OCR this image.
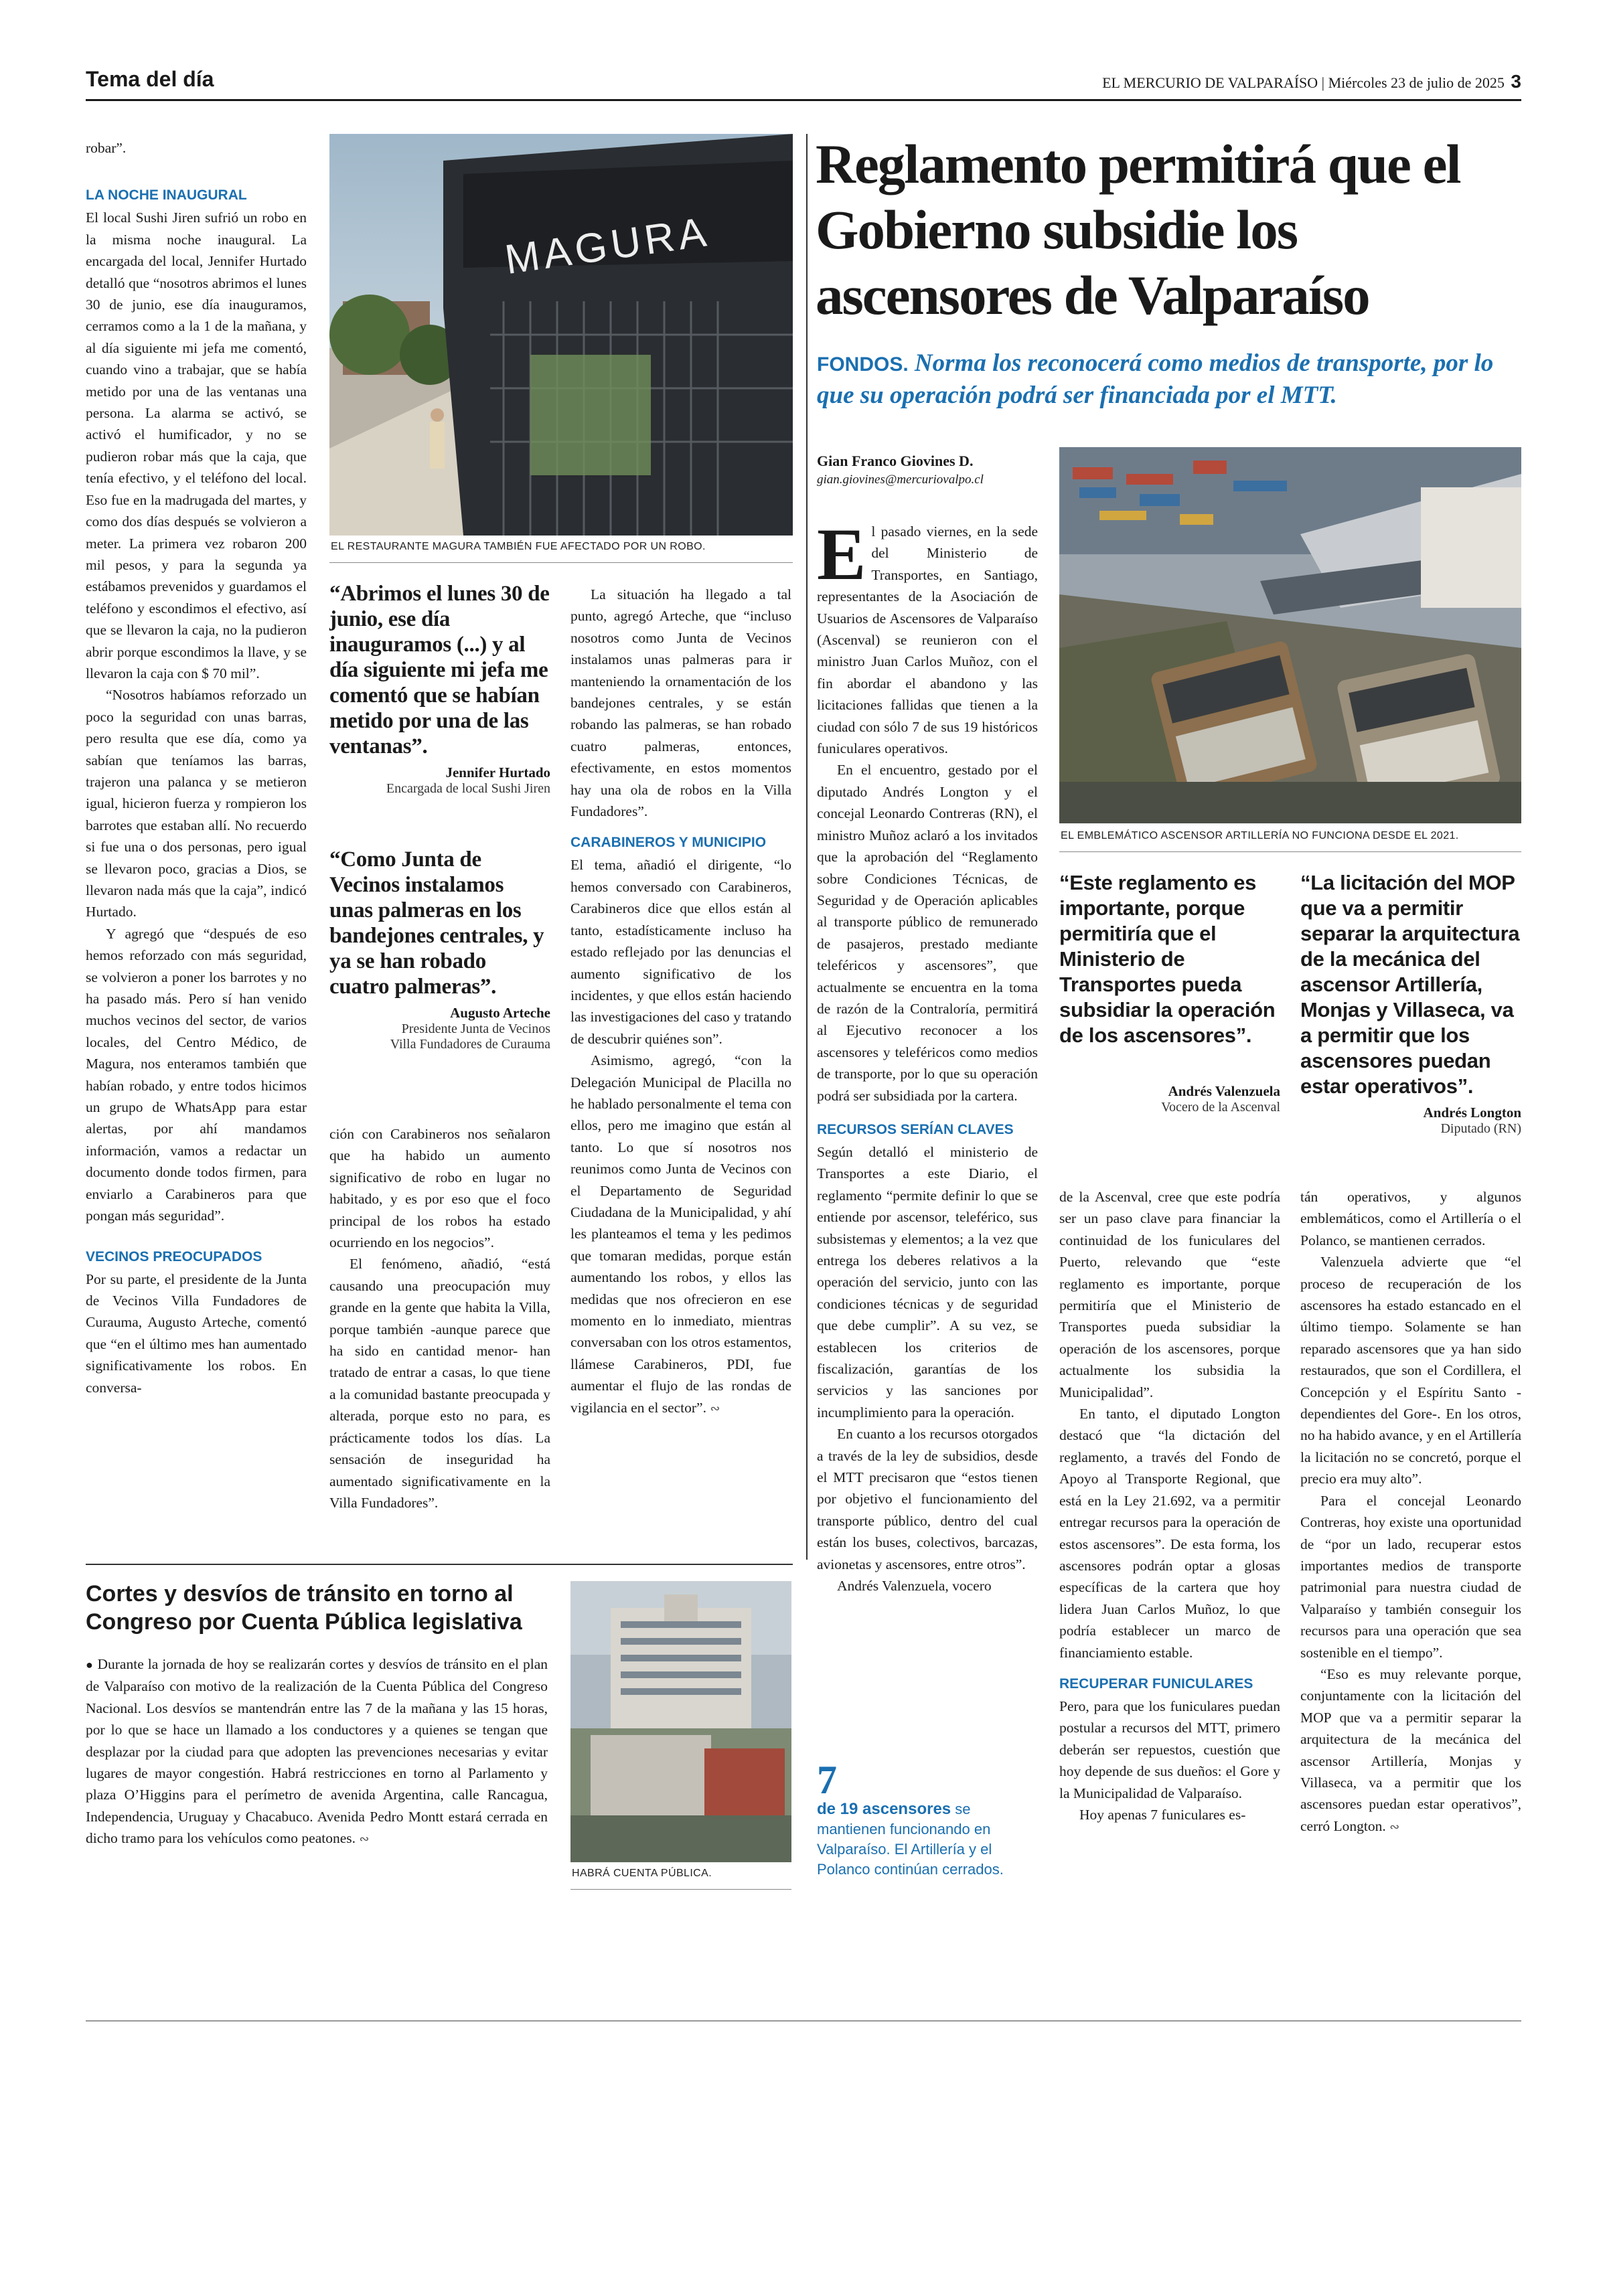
Tema del día	EL MERCURIO DE VALPARAÍSO | Miércoles 23 de julio de 2025 3

robar”.

LA NOCHE INAUGURAL

El local Sushi Jiren sufrió un robo en la misma noche inaugural. La encargada del local, Jennifer Hurtado detalló que “nosotros abrimos el lunes 30 de junio, ese día inauguramos, cerramos como a la 1 de la mañana, y al día siguiente mi jefa me comentó, cuando vino a trabajar, que se había metido por una de las ventanas una persona. La alarma se activó, se activó el humificador, y no se pudieron robar más que la caja, que tenía efectivo, y el teléfono del local. Eso fue en la madrugada del martes, y como dos días después se volvieron a meter. La primera vez robaron 200 mil pesos, y para la segunda ya estábamos prevenidos y guardamos el teléfono y escondimos el efectivo, así que se llevaron la caja, no la pudieron abrir porque escondimos la llave, y se llevaron la caja con $ 70 mil”.

“Nosotros habíamos reforzado un poco la seguridad con unas barras, pero resulta que ese día, como ya sabían que teníamos las barras, trajeron una palanca y se metieron igual, hicieron fuerza y rompieron los barrotes que estaban allí. No recuerdo si fue una o dos personas, pero igual se llevaron poco, gracias a Dios, se llevaron nada más que la caja”, indicó Hurtado.

Y agregó que “después de eso hemos reforzado con más seguridad, se volvieron a poner los barrotes y no ha pasado más. Pero sí han venido muchos vecinos del sector, de varios locales, del Centro Médico, de Magura, nos enteramos también que habían robado, y entre todos hicimos un grupo de WhatsApp para estar alertas, por ahí mandamos información, vamos a redactar un documento donde todos firmen, para enviarlo a Carabineros para que pongan más seguridad”.

VECINOS PREOCUPADOS

Por su parte, el presidente de la Junta de Vecinos Villa Fundadores de Curauma, Augusto Arteche, comentó que “en el último mes han aumentado significativamente los robos. En conversa-

MAGURA
EL RESTAURANTE MAGURA TAMBIÉN FUE AFECTADO POR UN ROBO.
“Abrimos el lunes 30 de junio, ese día inauguramos (...) y al día siguiente mi jefa me comentó que se habían metido por una de las ventanas”.
Jennifer Hurtado
Encargada de local Sushi Jiren
“Como Junta de Vecinos instalamos unas palmeras en los bandejones centrales, y ya se han robado cuatro palmeras”.
Augusto Arteche
Presidente Junta de Vecinos
Villa Fundadores de Curauma

ción con Carabineros nos señalaron que ha habido un aumento significativo de robo en lugar no habitado, y es por eso que el foco principal de los robos ha estado ocurriendo en los negocios”.

El fenómeno, añadió, “está causando una preocupación muy grande en la gente que habita la Villa, porque también -aunque parece que ha sido en cantidad menor- han tratado de entrar a casas, lo que tiene a la comunidad bastante preocupada y alterada, porque esto no para, es prácticamente todos los días. La sensación de inseguridad ha aumentado significativamente en la Villa Fundadores”.

La situación ha llegado a tal punto, agregó Arteche, que “incluso nosotros como Junta de Vecinos instalamos unas palmeras para ir manteniendo la ornamentación de los bandejones centrales, y se están robando las palmeras, se han robado cuatro palmeras, entonces, efectivamente, en estos momentos hay una ola de robos en la Villa Fundadores”.

CARABINEROS Y MUNICIPIO

El tema, añadió el dirigente, “lo hemos conversado con Carabineros, Carabineros dice que ellos están al tanto, estadísticamente incluso ha estado reflejado por las denuncias el aumento significativo de los incidentes, y que ellos están haciendo las investigaciones del caso y tratando de descubrir quiénes son”.

Asimismo, agregó, “con la Delegación Municipal de Placilla no he hablado personalmente el tema con ellos, pero me imagino que están al tanto. Lo que sí nosotros nos reunimos como Junta de Vecinos con el Departamento de Seguridad Ciudadana de la Municipalidad, y ahí les planteamos el tema y les pedimos que tomaran medidas, porque están aumentando los robos, y ellos las medidas que nos ofrecieron en ese momento en lo inmediato, mientras conversaban con los otros estamentos, llámese Carabineros, PDI, fue aumentar el flujo de las rondas de vigilancia en el sector”. ∾

Reglamento permitirá que el Gobierno subsidie los ascensores de Valparaíso
FONDOS. Norma los reconocerá como medios de transporte, por lo que su operación podrá ser financiada por el MTT.
Gian Franco Giovines D.
gian.giovines@mercuriovalpo.cl

El pasado viernes, en la sede del Ministerio de Transportes, en Santiago, representantes de la Asociación de Usuarios de Ascensores de Valparaíso (Ascenval) se reunieron con el ministro Juan Carlos Muñoz, con el fin abordar el abandono y las licitaciones fallidas que tienen a la ciudad con sólo 7 de sus 19 históricos funiculares operativos.

En el encuentro, gestado por el diputado Andrés Longton y el concejal Leonardo Contreras (RN), el ministro Muñoz aclaró a los invitados que la aprobación del “Reglamento sobre Condiciones Técnicas, de Seguridad y de Operación aplicables al transporte público de remunerado de pasajeros, prestado mediante teleféricos y ascensores”, que actualmente se encuentra en la toma de razón de la Contraloría, permitirá al Ejecutivo reconocer a los ascensores y teleféricos como medios de transporte, por lo que su operación podrá ser subsidiada por la cartera.

RECURSOS SERÍAN CLAVES

Según detalló el ministerio de Transportes a este Diario, el reglamento “permite definir lo que se entiende por ascensor, teleférico, sus subsistemas y elementos; a la vez que entrega los deberes relativos a la operación del servicio, junto con las condiciones técnicas y de seguridad que debe cumplir”. A su vez, se establecen los criterios de fiscalización, garantías de los servicios y las sanciones por incumplimiento para la operación.

En cuanto a los recursos otorgados a través de la ley de subsidios, desde el MTT precisaron que “estos tienen por objetivo el funcionamiento del transporte público, dentro del cual están los buses, colectivos, barcazas, avionetas y ascensores, entre otros”.

Andrés Valenzuela, vocero

7
de 19 ascensores se mantienen funcionando en Valparaíso. El Artillería y el Polanco continúan cerrados.
EL EMBLEMÁTICO ASCENSOR ARTILLERÍA NO FUNCIONA DESDE EL 2021.
“Este reglamento es importante, porque permitiría que el Ministerio de Transportes pueda subsidiar la operación de los ascensores”.
Andrés Valenzuela
Vocero de la Ascenval
“La licitación del MOP que va a permitir separar la arquitectura de la mecánica del ascensor Artillería, Monjas y Villaseca, va a permitir que los ascensores puedan estar operativos”.
Andrés Longton
Diputado (RN)

de la Ascenval, cree que este podría ser un paso clave para financiar la continuidad de los funiculares del Puerto, relevando que “este reglamento es importante, porque permitiría que el Ministerio de Transportes pueda subsidiar la operación de los ascensores, porque actualmente los subsidia la Municipalidad”.

En tanto, el diputado Longton destacó que “la dictación del reglamento, a través del Fondo de Apoyo al Transporte Regional, que está en la Ley 21.692, va a permitir entregar recursos para la operación de estos ascensores”. De esta forma, los ascensores podrán optar a glosas específicas de la cartera que hoy lidera Juan Carlos Muñoz, lo que podría establecer un marco de financiamiento estable.

RECUPERAR FUNICULARES

Pero, para que los funiculares puedan postular a recursos del MTT, primero deberán ser repuestos, cuestión que hoy depende de sus dueños: el Gore y la Municipalidad de Valparaíso.

Hoy apenas 7 funiculares es-

tán operativos, y algunos emblemáticos, como el Artillería o el Polanco, se mantienen cerrados.

Valenzuela advierte que “el proceso de recuperación de los ascensores ha estado estancado en el último tiempo. Solamente se han reparado ascensores que ya han sido restaurados, que son el Cordillera, el Concepción y el Espíritu Santo -dependientes del Gore-. En los otros, no ha habido avance, y en el Artillería la licitación no se concretó, porque el precio era muy alto”.

Para el concejal Leonardo Contreras, hoy existe una oportunidad de “por un lado, recuperar estos importantes medios de transporte patrimonial para nuestra ciudad de Valparaíso y también conseguir los recursos para una operación que sea sostenible en el tiempo”.

“Eso es muy relevante porque, conjuntamente con la licitación del MOP que va a permitir separar la arquitectura de la mecánica del ascensor Artillería, Monjas y Villaseca, va a permitir que los ascensores puedan estar operativos”, cerró Longton. ∾

Cortes y desvíos de tránsito en torno al Congreso por Cuenta Pública legislativa

● Durante la jornada de hoy se realizarán cortes y desvíos de tránsito en el plan de Valparaíso con motivo de la realización de la Cuenta Pública del Congreso Nacional. Los desvíos se mantendrán entre las 7 de la mañana y las 15 horas, por lo que se hace un llamado a los conductores y a quienes se tengan que desplazar por la ciudad para que adopten las prevenciones necesarias y evitar lugares de mayor congestión. Habrá restricciones en torno al Parlamento y plaza O’Higgins para el perímetro de avenida Argentina, calle Rancagua, Independencia, Uruguay y Chacabuco. Avenida Pedro Montt estará cerrada en dicho tramo para los vehículos como peatones. ∾

HABRÁ CUENTA PÚBLICA.
